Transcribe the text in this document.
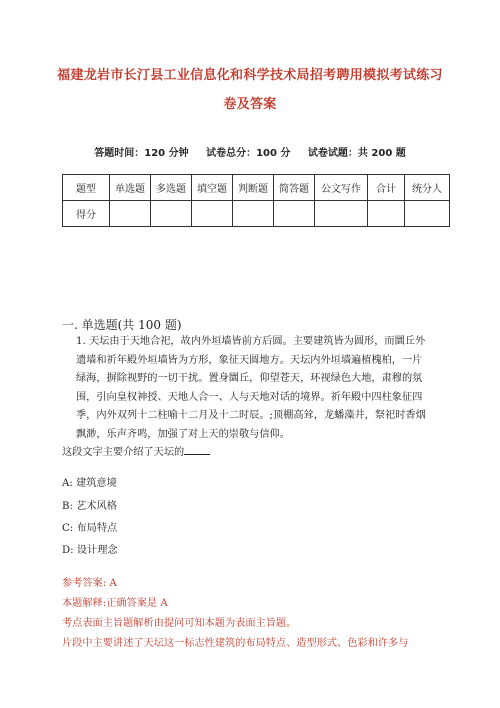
福建龙岩市长汀县工业信息化和科学技术局招考聘用模拟考试练习
卷及答案
答题时间：120 分钟 试卷总分：100 分 试卷试题：共 200 题
题型	单选题	多选题	填空题	判断题	简答题	公文写作	合计	统分人
得分								
一. 单选题(共 100 题)
1. 天坛由于天地合祀，故内外垣墙皆前方后圆。主要建筑皆为圆形，而圜丘外
遗墙和祈年殿外垣墙皆为方形，象征天圆地方。天坛内外垣墙遍植槐柏，一片
绿海，摒除视野的一切干扰。置身圜丘，仰望苍天，环视绿色大地，肃穆的氛
围，引向皇权神授、天地人合一、人与天地对话的境界。祈年殿中四柱象征四
季，内外双列十二柱喻十二月及十二时辰。;顶棚高耸，龙蟠藻井，祭祀时香烟
飘渺，乐声齐鸣，加强了对上天的崇敬与信仰。
这段文字主要介绍了天坛的
A: 建筑意境
B: 艺术风格
C: 布局特点
D: 设计理念
参考答案: A
本题解释:正确答案是 A
考点表面主旨题解析由提问可知本题为表面主旨题。
片段中主要讲述了天坛这一标志性建筑的布局特点、造型形式、色彩和许多与
